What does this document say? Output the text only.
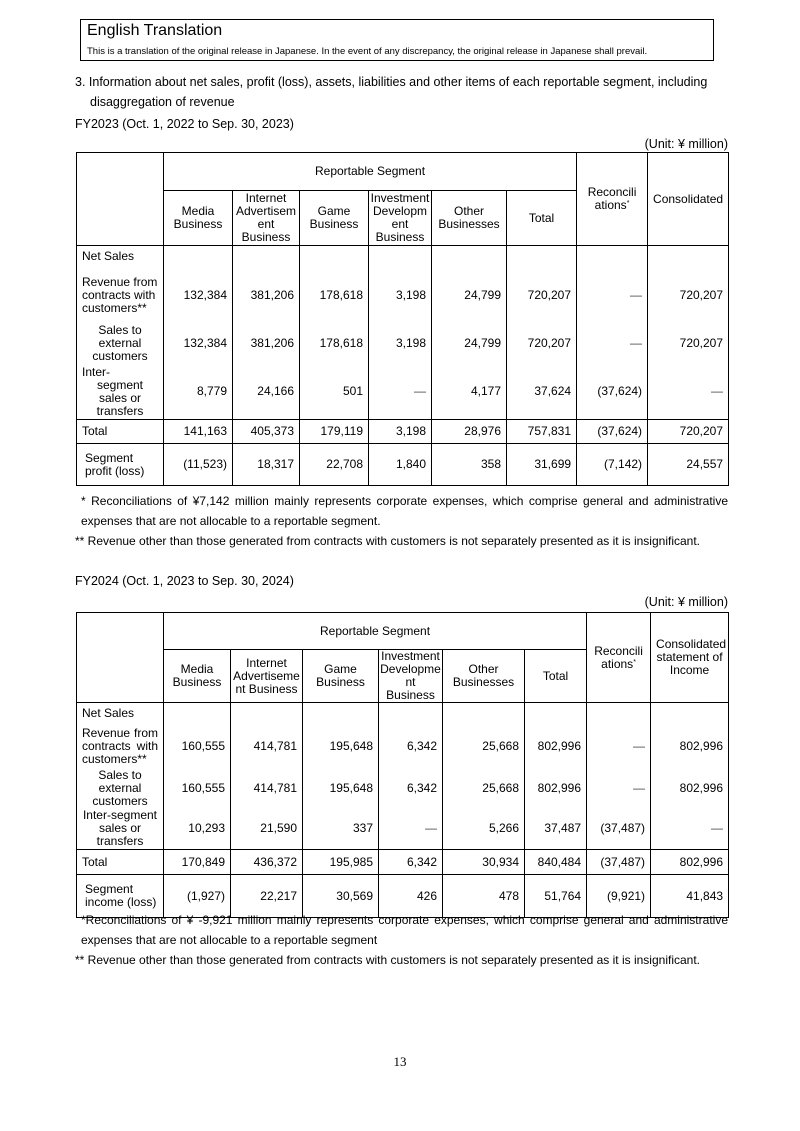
English Translation
This is a translation of the original release in Japanese. In the event of any discrepancy, the original release in Japanese shall prevail.
3. Information about net sales, profit (loss), assets, liabilities and other items of each reportable segment, including
disaggregation of revenue
FY2023 (Oct. 1, 2022 to Sep. 30, 2023)
(Unit: ¥ million)
	Reportable Segment						Reconcili ations*	Consolidated
	Media Business	Internet Advertisem ent Business	Game Business	Investment Developm ent Business	Other Businesses	Total		
Net Sales								
Revenue from contracts with customers**	132,384	381,206	178,618	3,198	24,799	720,207	—	720,207
Sales to external customers	132,384	381,206	178,618	3,198	24,799	720,207	—	720,207

Inter-
segment sales or transfers	8,779	24,166	501	—	4,177	37,624	(37,624)	—
Total	141,163	405,373	179,119	3,198	28,976	757,831	(37,624)	720,207
Segment profit (loss)	(11,523)	18,317	22,708	1,840	358	31,699	(7,142)	24,557
* Reconciliations of ¥7,142 million mainly represents corporate expenses, which comprise general and administrative expenses that are not allocable to a reportable segment.
** Revenue other than those generated from contracts with customers is not separately presented as it is insignificant.
FY2024 (Oct. 1, 2023 to Sep. 30, 2024)
(Unit: ¥ million)
	Reportable Segment						Reconcili ations*	Consolidated statement of Income
	Media Business	Internet Advertiseme nt Business	Game Business	Investment Developme nt Business	Other Businesses	Total		
Net Sales								
Revenue from contracts with customers**	160,555	414,781	195,648	6,342	25,668	802,996	—	802,996
Sales to external customers	160,555	414,781	195,648	6,342	25,668	802,996	—	802,996
Inter-segment sales or transfers	10,293	21,590	337	—	5,266	37,487	(37,487)	—
Total	170,849	436,372	195,985	6,342	30,934	840,484	(37,487)	802,996
Segment income (loss)	(1,927)	22,217	30,569	426	478	51,764	(9,921)	41,843
*Reconciliations of ¥ -9,921 million mainly represents corporate expenses, which comprise general and administrative expenses that are not allocable to a reportable segment
** Revenue other than those generated from contracts with customers is not separately presented as it is insignificant.
13
